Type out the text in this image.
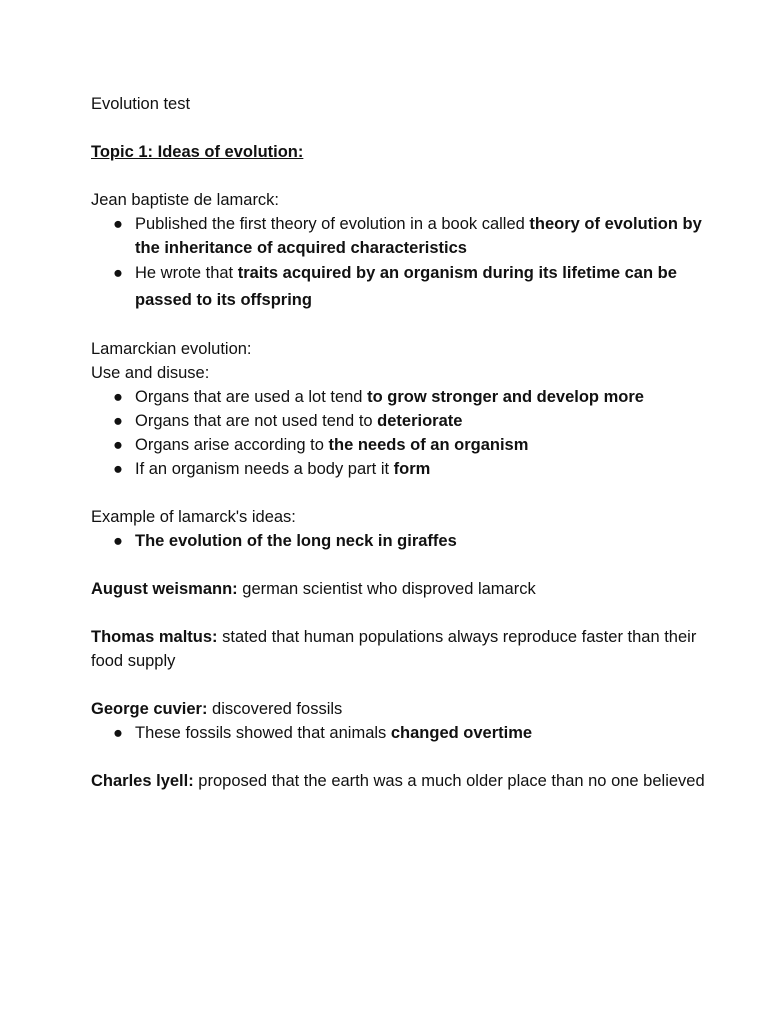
Evolution test

Topic 1: Ideas of evolution:

Jean baptiste de lamarck:

● Published the first theory of evolution in a book called theory of evolution by the inheritance of acquired characteristics
● He wrote that traits acquired by an organism during its lifetime can be passed to its offspring

Lamarckian evolution:

Use and disuse:

● Organs that are used a lot tend to grow stronger and develop more
● Organs that are not used tend to deteriorate
● Organs arise according to the needs of an organism
● If an organism needs a body part it form

Example of lamarck's ideas:

● The evolution of the long neck in giraffes

August weismann: german scientist who disproved lamarck

Thomas maltus: stated that human populations always reproduce faster than their food supply

George cuvier: discovered fossils

● These fossils showed that animals changed overtime

Charles lyell: proposed that the earth was a much older place than no one believed
